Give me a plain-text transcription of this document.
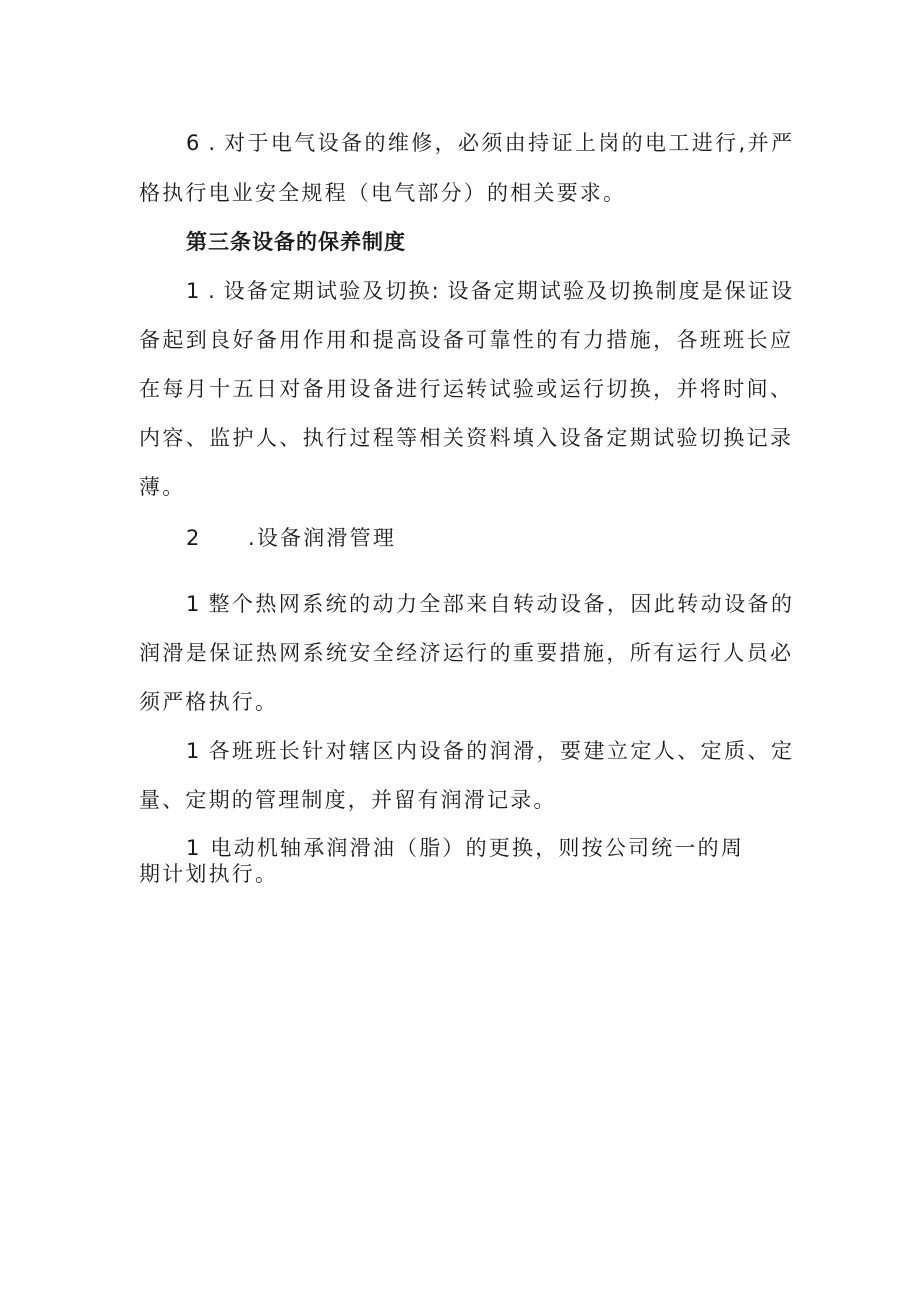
6 . 对于电气设备的维修，必须由持证上岗的电工进行,并严
格执行电业安全规程（电气部分）的相关要求。
第三条设备的保养制度
1 . 设备定期试验及切换: 设备定期试验及切换制度是保证设
备起到良好备用作用和提高设备可靠性的有力措施，各班班长应
在每月十五日对备用设备进行运转试验或运行切换，并将时间、
内容、监护人、执行过程等相关资料填入设备定期试验切换记录
薄。
2　　.设备润滑管理
1 整个热网系统的动力全部来自转动设备，因此转动设备的
润滑是保证热网系统安全经济运行的重要措施，所有运行人员必
须严格执行。
1 各班班长针对辖区内设备的润滑，要建立定人、定质、定
量、定期的管理制度，并留有润滑记录。
1 电动机轴承润滑油（脂）的更换，则按公司统一的周
期计划执行。
